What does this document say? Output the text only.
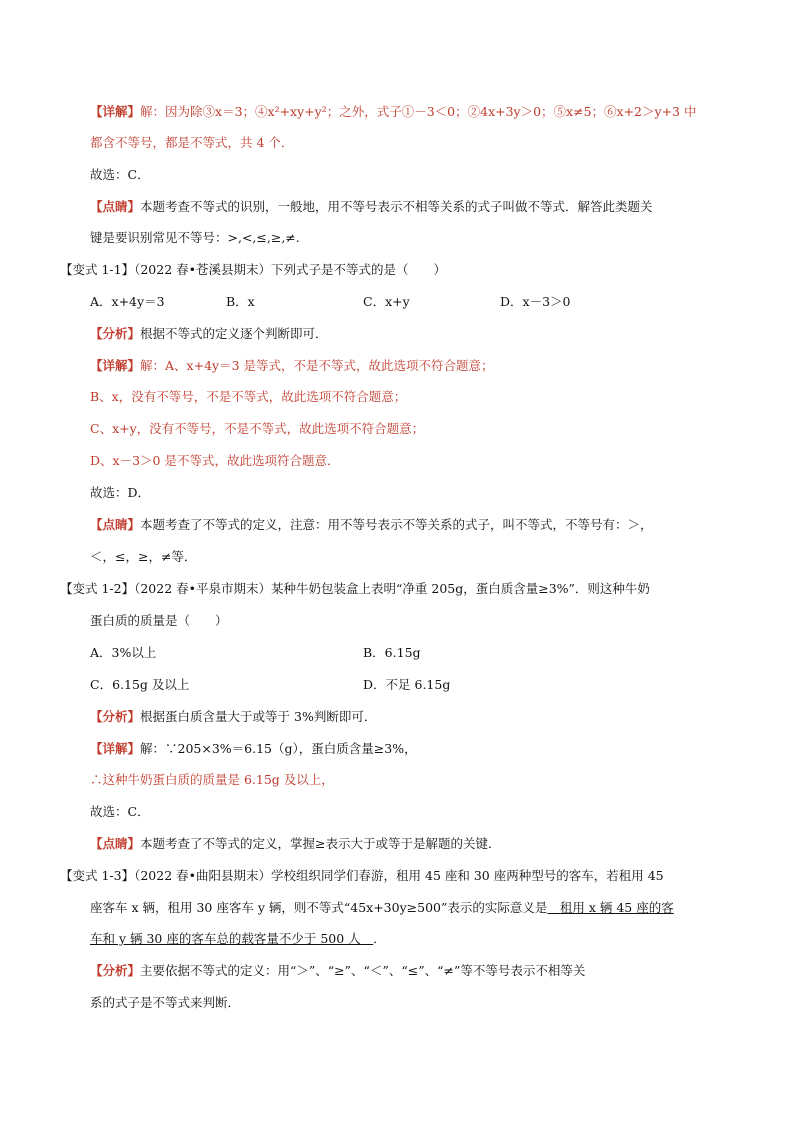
【详解】解：因为除③x＝3；④x²+xy+y²；之外，式子①－3＜0；②4x+3y＞0；⑤x≠5；⑥x+2＞y+3 中
都含不等号，都是不等式，共 4 个．
故选：C．
【点睛】本题考查不等式的识别，一般地，用不等号表示不相等关系的式子叫做不等式．解答此类题关
键是要识别常见不等号：>,<,≤,≥,≠.
【变式 1-1】（2022 春•苍溪县期末）下列式子是不等式的是（　　）
A．x+4y＝3	B．x	C．x+y	D．x－3＞0
【分析】根据不等式的定义逐个判断即可．
【详解】解：A、x+4y＝3 是等式，不是不等式，故此选项不符合题意；
B、x，没有不等号，不是不等式，故此选项不符合题意；
C、x+y，没有不等号，不是不等式，故此选项不符合题意；
D、x－3＞0 是不等式，故此选项符合题意．
故选：D．
【点睛】本题考查了不等式的定义，注意：用不等号表示不等关系的式子，叫不等式，不等号有：＞，
＜，≤，≥，≠等．
【变式 1-2】（2022 春•平泉市期末）某种牛奶包装盒上表明“净重 205g，蛋白质含量≥3%”．则这种牛奶
蛋白质的质量是（　　）
A．3%以上	B．6.15g
C．6.15g 及以上	D．不足 6.15g
【分析】根据蛋白质含量大于或等于 3%判断即可．
【详解】解：∵205×3%＝6.15（g），蛋白质含量≥3%，
∴这种牛奶蛋白质的质量是 6.15g 及以上，
故选：C．
【点睛】本题考查了不等式的定义，掌握≥表示大于或等于是解题的关键．
【变式 1-3】（2022 春•曲阳县期末）学校组织同学们春游，租用 45 座和 30 座两种型号的客车，若租用 45
座客车 x 辆，租用 30 座客车 y 辆，则不等式“45x+30y≥500”表示的实际意义是　租用 x 辆 45 座的客
车和 y 辆 30 座的客车总的载客量不少于 500 人　．
【分析】主要依据不等式的定义：用“＞”、“≥”、“＜”、“≤”、“≠”等不等号表示不相等关
系的式子是不等式来判断．
